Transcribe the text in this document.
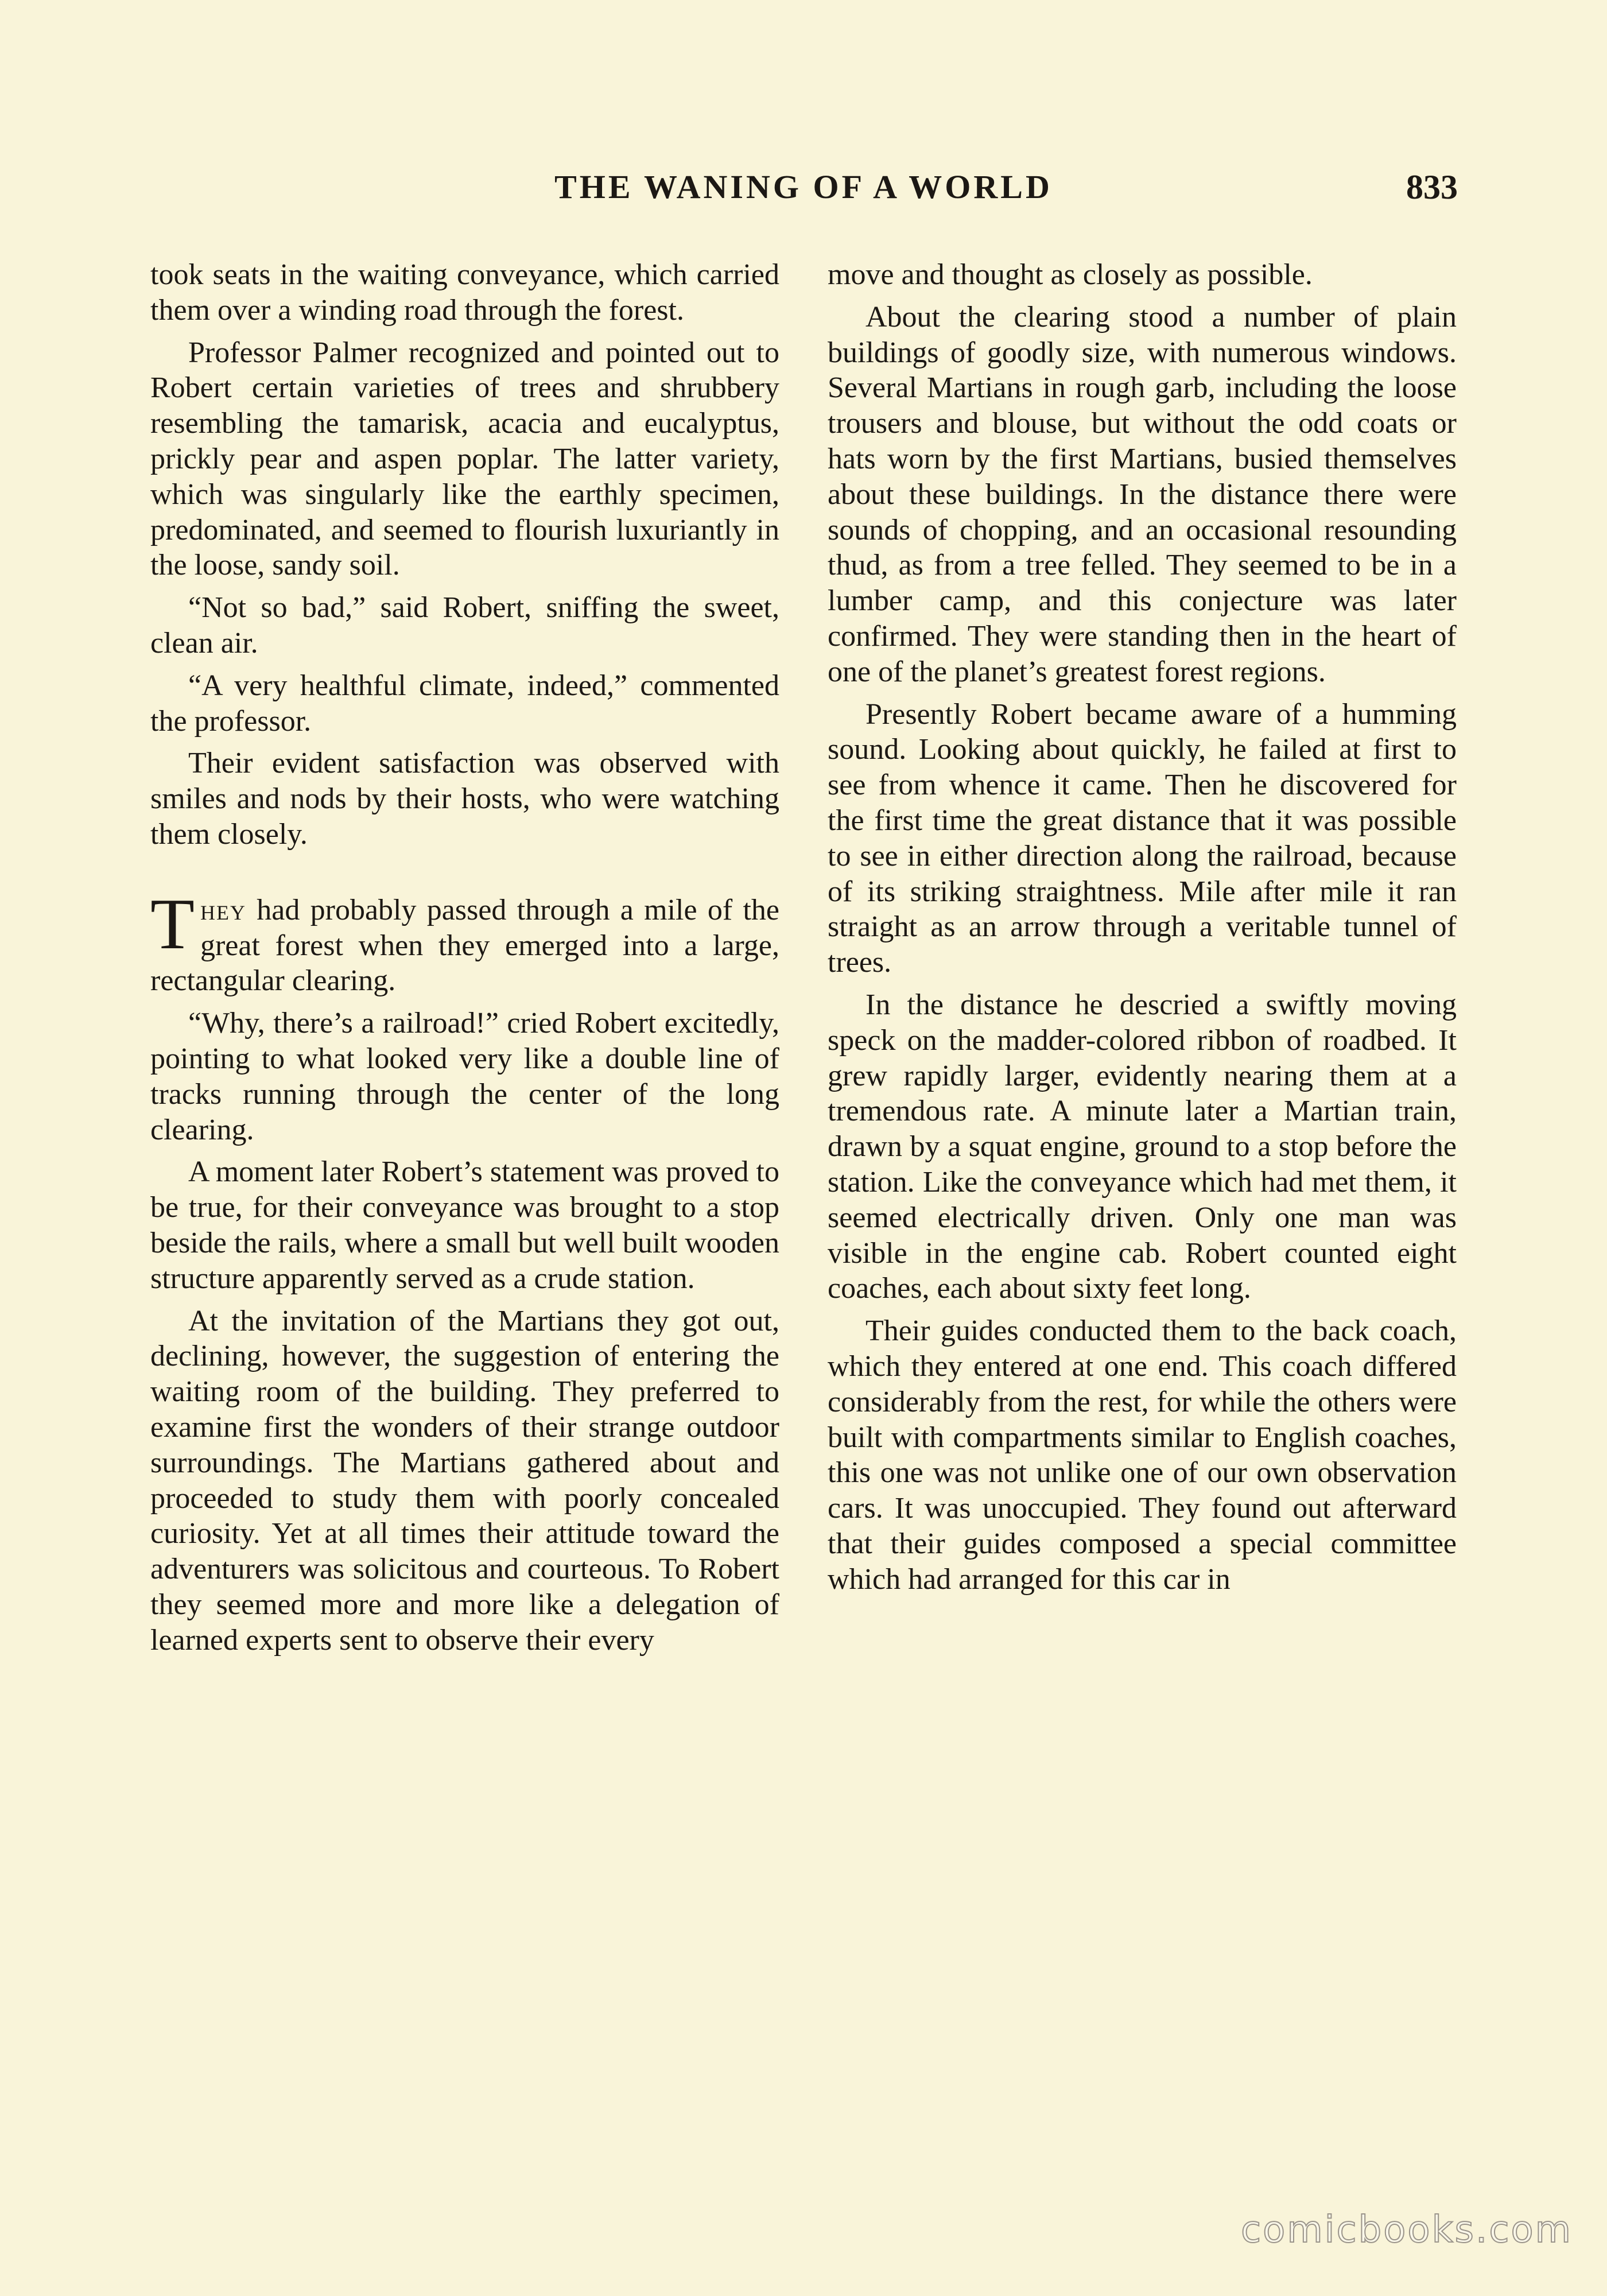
THE WANING OF A WORLD	833

took seats in the waiting conveyance, which carried them over a winding road through the forest.

Professor Palmer recognized and pointed out to Robert certain varieties of trees and shrubbery resembling the tamarisk, acacia and eucalyptus, prickly pear and aspen poplar. The latter variety, which was singularly like the earthly specimen, predominated, and seemed to flourish luxuriantly in the loose, sandy soil.

“Not so bad,” said Robert, sniffing the sweet, clean air.

“A very healthful climate, indeed,” commented the professor.

Their evident satisfaction was observed with smiles and nods by their hosts, who were watching them closely.

They had probably passed through a mile of the great forest when they emerged into a large, rectangular clearing.

“Why, there’s a railroad!” cried Robert excitedly, pointing to what looked very like a double line of tracks running through the center of the long clearing.

A moment later Robert’s statement was proved to be true, for their conveyance was brought to a stop beside the rails, where a small but well built wooden structure apparently served as a crude station.

At the invitation of the Martians they got out, declining, however, the suggestion of entering the waiting room of the building. They preferred to examine first the wonders of their strange outdoor surroundings. The Martians gathered about and proceeded to study them with poorly concealed curiosity. Yet at all times their attitude toward the adventurers was solicitous and courteous. To Robert they seemed more and more like a delegation of learned experts sent to observe their every

move and thought as closely as possible.

About the clearing stood a number of plain buildings of goodly size, with numerous windows. Several Martians in rough garb, including the loose trousers and blouse, but without the odd coats or hats worn by the first Martians, busied themselves about these buildings. In the distance there were sounds of chopping, and an occasional resounding thud, as from a tree felled. They seemed to be in a lumber camp, and this conjecture was later confirmed. They were standing then in the heart of one of the planet’s greatest forest regions.

Presently Robert became aware of a humming sound. Looking about quickly, he failed at first to see from whence it came. Then he discovered for the first time the great distance that it was possible to see in either direction along the railroad, because of its striking straightness. Mile after mile it ran straight as an arrow through a veritable tunnel of trees.

In the distance he descried a swiftly moving speck on the madder-colored ribbon of roadbed. It grew rapidly larger, evidently nearing them at a tremendous rate. A minute later a Martian train, drawn by a squat engine, ground to a stop before the station. Like the conveyance which had met them, it seemed electrically driven. Only one man was visible in the engine cab. Robert counted eight coaches, each about sixty feet long.

Their guides conducted them to the back coach, which they entered at one end. This coach differed considerably from the rest, for while the others were built with compartments similar to English coaches, this one was not unlike one of our own observation cars. It was unoccupied. They found out afterward that their guides composed a special committee which had arranged for this car in

comicbooks.com
